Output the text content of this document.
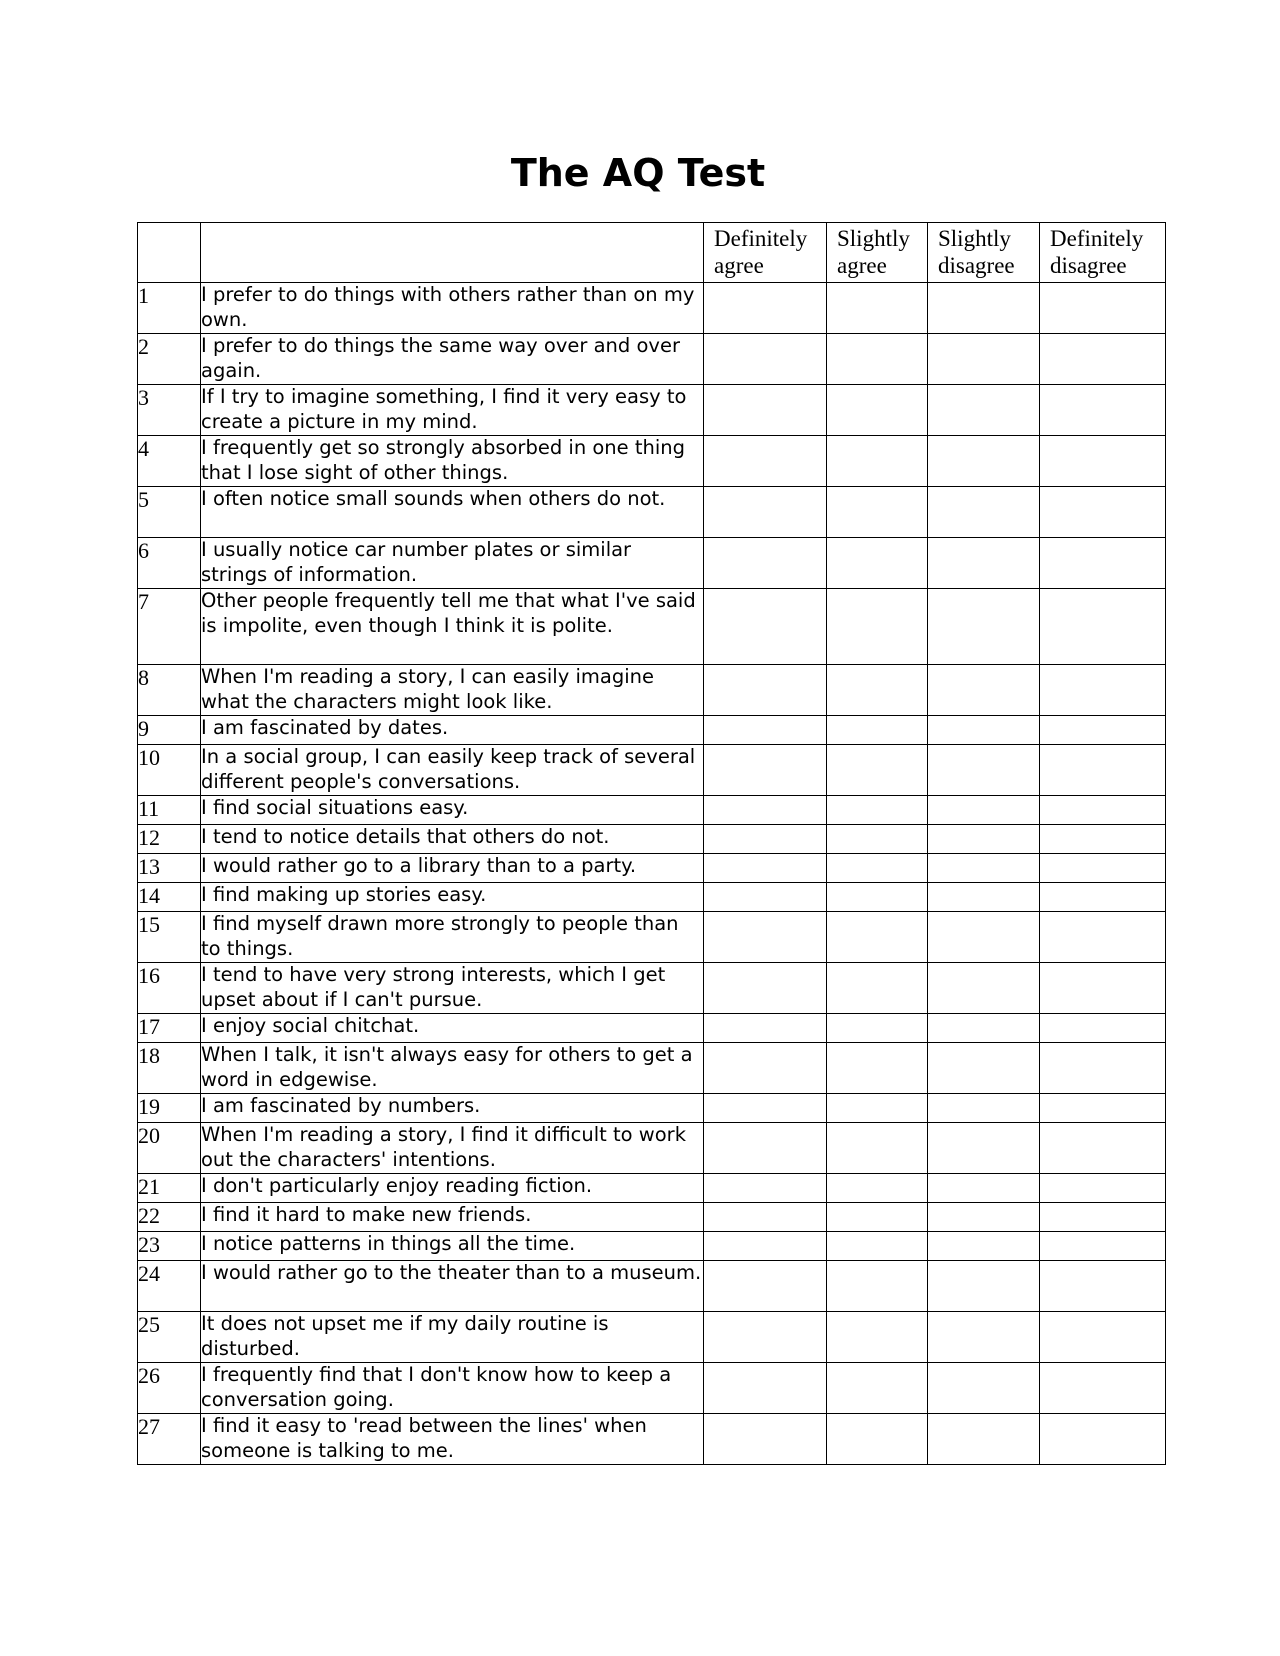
The AQ Test
		Definitely agree	Slightly agree	Slightly disagree	Definitely disagree
1	I prefer to do things with others rather than on my own.				
2	I prefer to do things the same way over and over again.				
3	If I try to imagine something, I find it very easy to create a picture in my mind.				
4	I frequently get so strongly absorbed in one thing that I lose sight of other things.				
5	I often notice small sounds when others do not.				
6	I usually notice car number plates or similar strings of information.				
7	Other people frequently tell me that what I've said is impolite, even though I think it is polite.				
8	When I'm reading a story, I can easily imagine what the characters might look like.				
9	I am fascinated by dates.				
10	In a social group, I can easily keep track of several different people's conversations.				
11	I find social situations easy.				
12	I tend to notice details that others do not.				
13	I would rather go to a library than to a party.				
14	I find making up stories easy.				
15	I find myself drawn more strongly to people than to things.				
16	I tend to have very strong interests, which I get upset about if I can't pursue.				
17	I enjoy social chitchat.				
18	When I talk, it isn't always easy for others to get a word in edgewise.				
19	I am fascinated by numbers.				
20	When I'm reading a story, I find it difficult to work out the characters' intentions.				
21	I don't particularly enjoy reading fiction.				
22	I find it hard to make new friends.				
23	I notice patterns in things all the time.				
24	I would rather go to the theater than to a museum.				
25	It does not upset me if my daily routine is disturbed.				
26	I frequently find that I don't know how to keep a conversation going.				
27	I find it easy to 'read between the lines' when someone is talking to me.				
